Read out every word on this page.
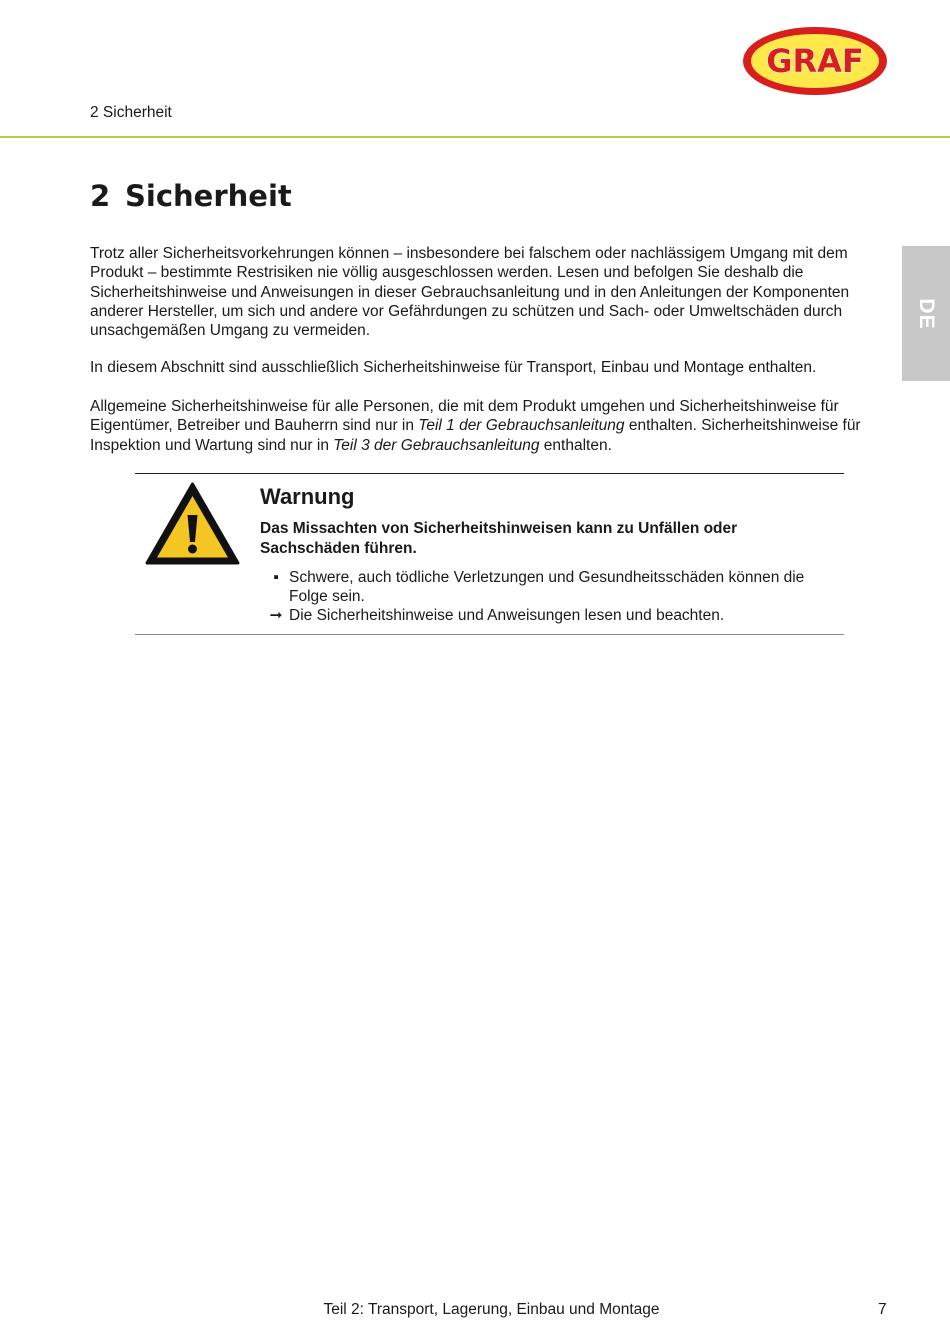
GRAF
2 Sicherheit
DE
2 Sicherheit

Trotz aller Sicherheitsvorkehrungen können – insbesondere bei falschem oder nachlässigem Umgang mit dem Produkt – bestimmte Restrisiken nie völlig ausgeschlossen werden. Lesen und befolgen Sie deshalb die Sicherheitshinweise und Anweisungen in dieser Gebrauchsanleitung und in den Anleitungen der Komponenten anderer Hersteller, um sich und andere vor Gefährdungen zu schützen und Sach- oder Umweltschäden durch unsachgemäßen Umgang zu vermeiden.

In diesem Abschnitt sind ausschließlich Sicherheitshinweise für Transport, Einbau und Montage enthalten.

Allgemeine Sicherheitshinweise für alle Personen, die mit dem Produkt umgehen und Sicherheitshinweise für Eigentümer, Betreiber und Bauherrn sind nur in Teil 1 der Gebrauchsanleitung enthalten. Sicherheitshinweise für Inspektion und Wartung sind nur in Teil 3 der Gebrauchsanleitung enthalten.

Warnung

Das Missachten von Sicherheitshinweisen kann zu Unfällen oder Sachschäden führen.

▪ Schwere, auch tödliche Verletzungen und Gesundheitsschäden können die Folge sein.

➞ Die Sicherheitshinweise und Anweisungen lesen und beachten.

Teil 2: Transport, Lagerung, Einbau und Montage	7
